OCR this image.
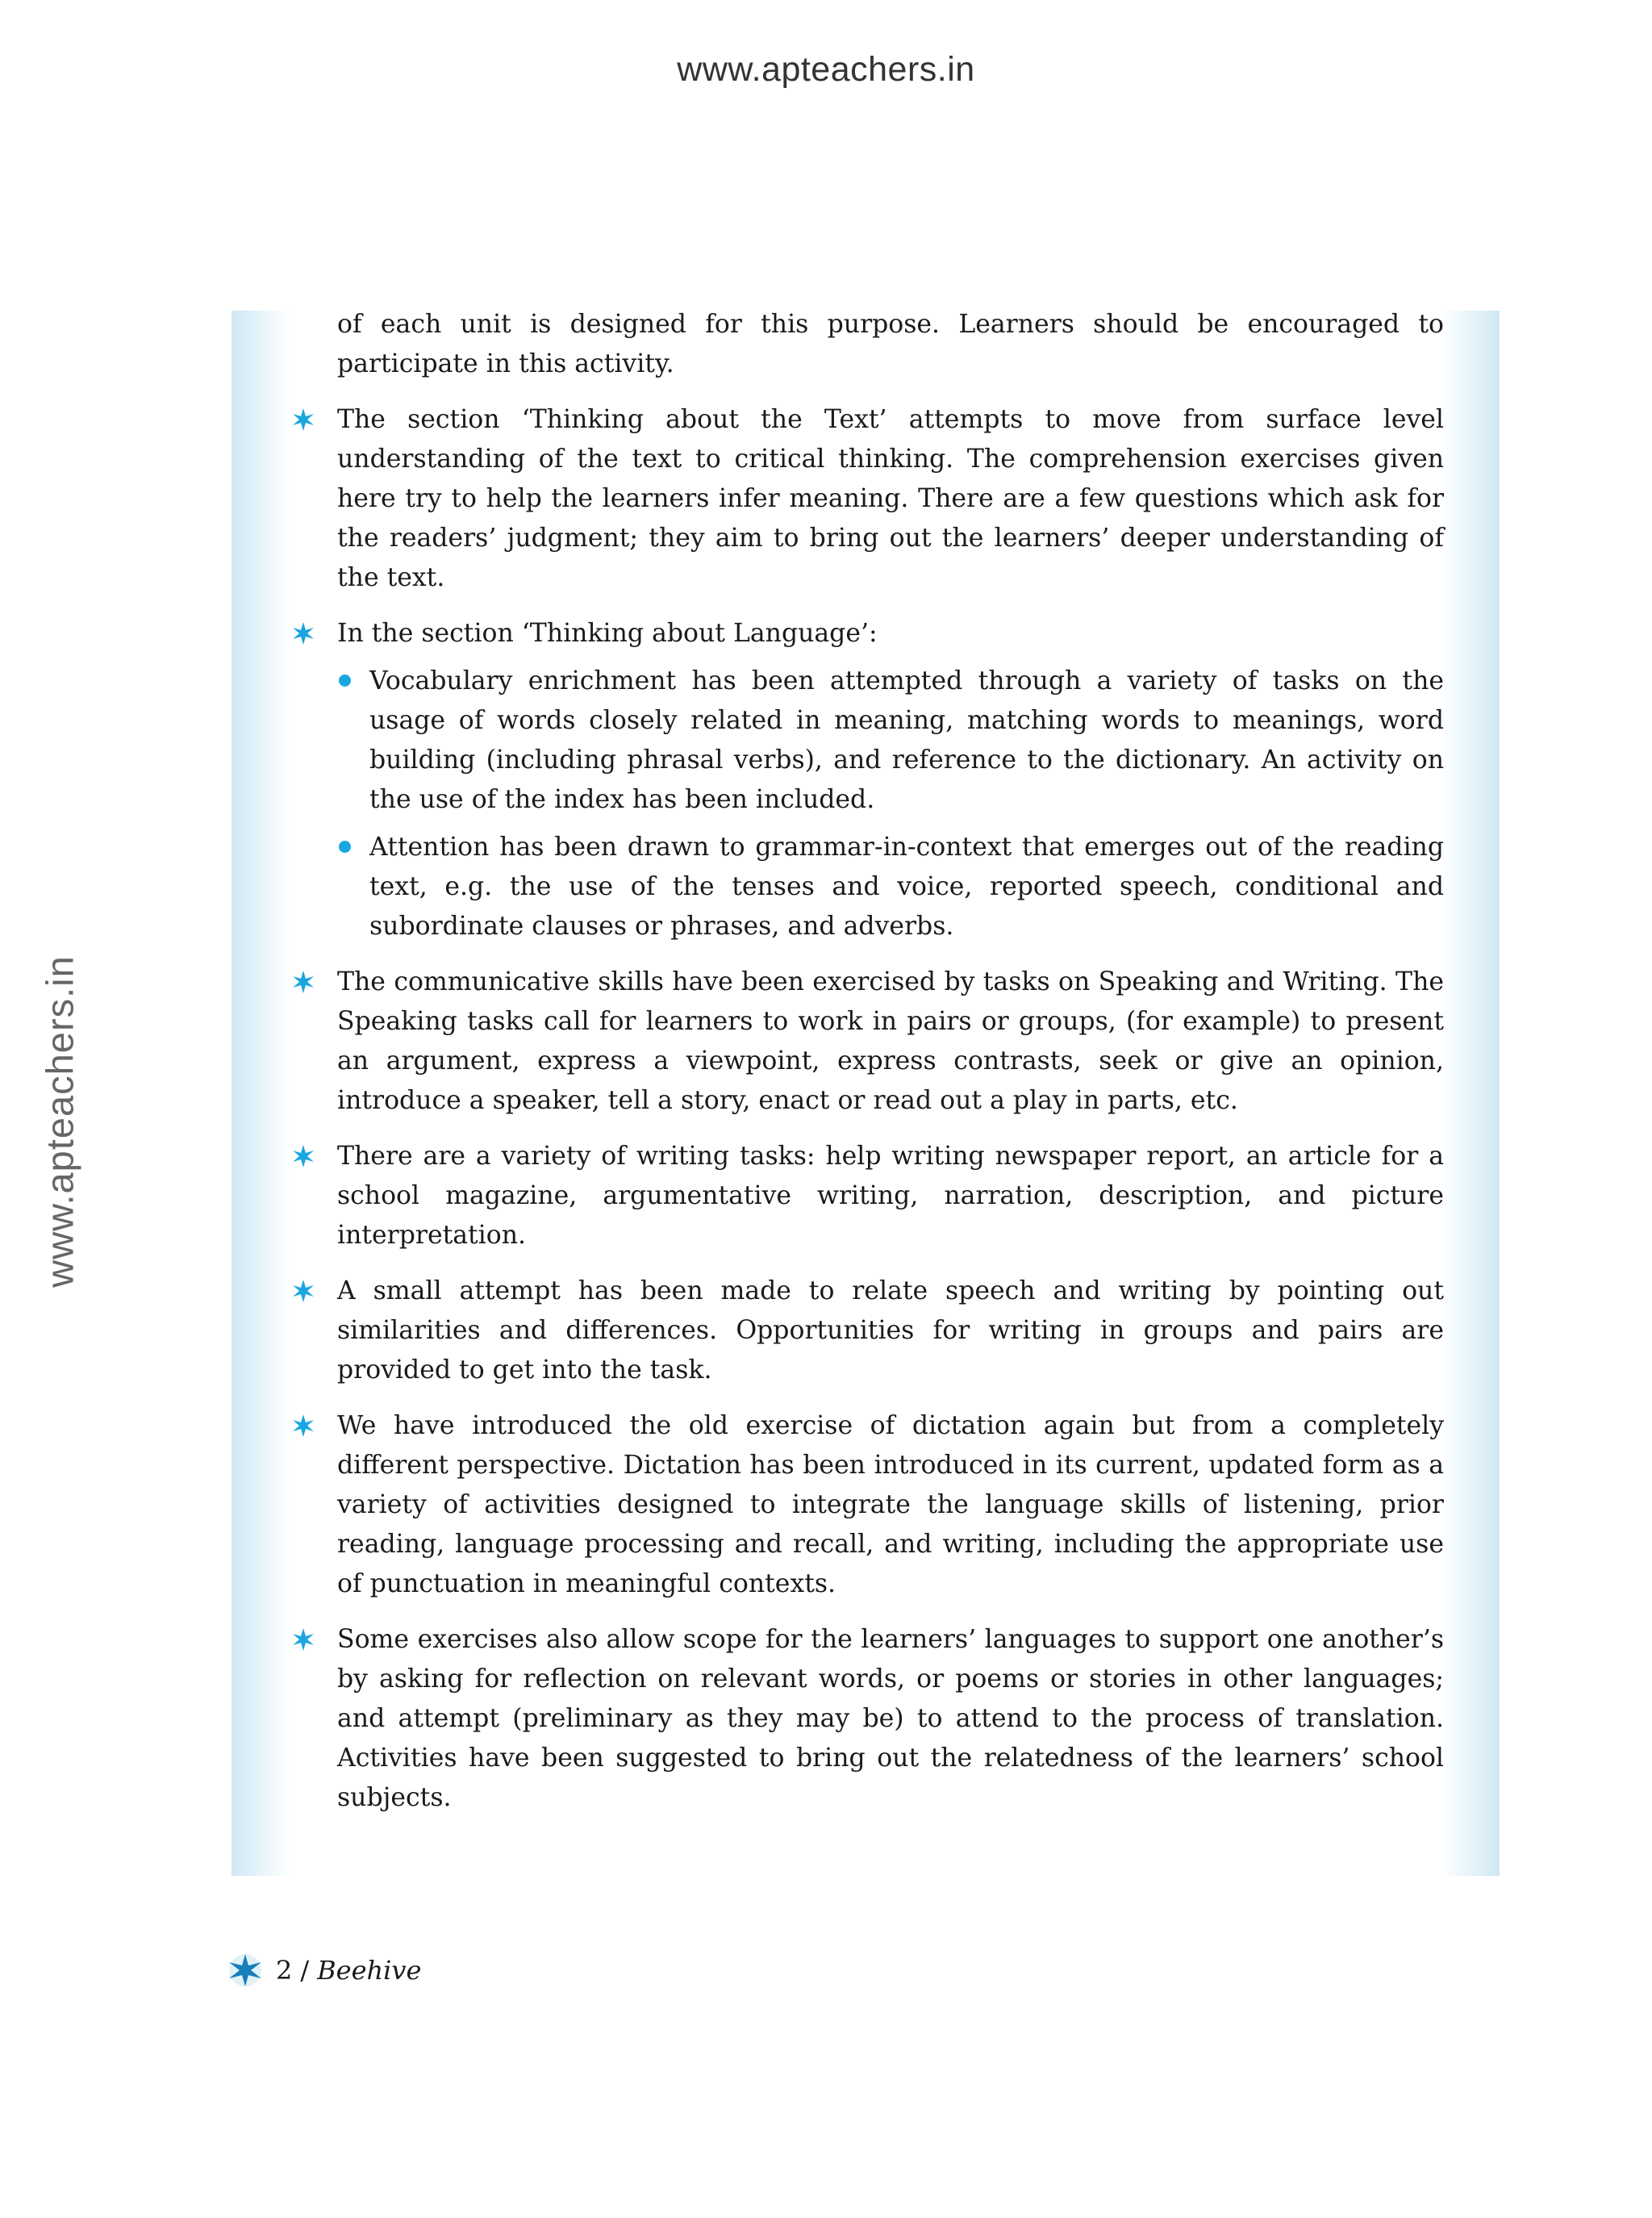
www.apteachers.in
www.apteachers.in

of each unit is designed for this purpose. Learners should be encouraged to participate in this activity.

The section ‘Thinking about the Text’ attempts to move from surface level understanding of the text to critical thinking. The comprehension exercises given here try to help the learners infer meaning. There are a few questions which ask for the readers’ judgment; they aim to bring out the learners’ deeper understanding of the text.

In the section ‘Thinking about Language’:

Vocabulary enrichment has been attempted through a variety of tasks on the usage of words closely related in meaning, matching words to meanings, word building (including phrasal verbs), and reference to the dictionary. An activity on the use of the index has been included.
Attention has been drawn to grammar-in-context that emerges out of the reading text, e.g. the use of the tenses and voice, reported speech, conditional and subordinate clauses or phrases, and adverbs.

The communicative skills have been exercised by tasks on Speaking and Writing. The Speaking tasks call for learners to work in pairs or groups, (for example) to present an argument, express a viewpoint, express contrasts, seek or give an opinion, introduce a speaker, tell a story, enact or read out a play in parts, etc.

There are a variety of writing tasks: help writing newspaper report, an article for a school magazine, argumentative writing, narration, description, and picture interpretation.

A small attempt has been made to relate speech and writing by pointing out similarities and differences. Opportunities for writing in groups and pairs are provided to get into the task.

We have introduced the old exercise of dictation again but from a completely different perspective. Dictation has been introduced in its current, updated form as a variety of activities designed to integrate the language skills of listening, prior reading, language processing and recall, and writing, including the appropriate use of punctuation in meaningful contexts.

Some exercises also allow scope for the learners’ languages to support one another’s by asking for reflection on relevant words, or poems or stories in other languages; and attempt (preliminary as they may be) to attend to the process of translation. Activities have been suggested to bring out the relatedness of the learners’ school subjects.

2 / Beehive
